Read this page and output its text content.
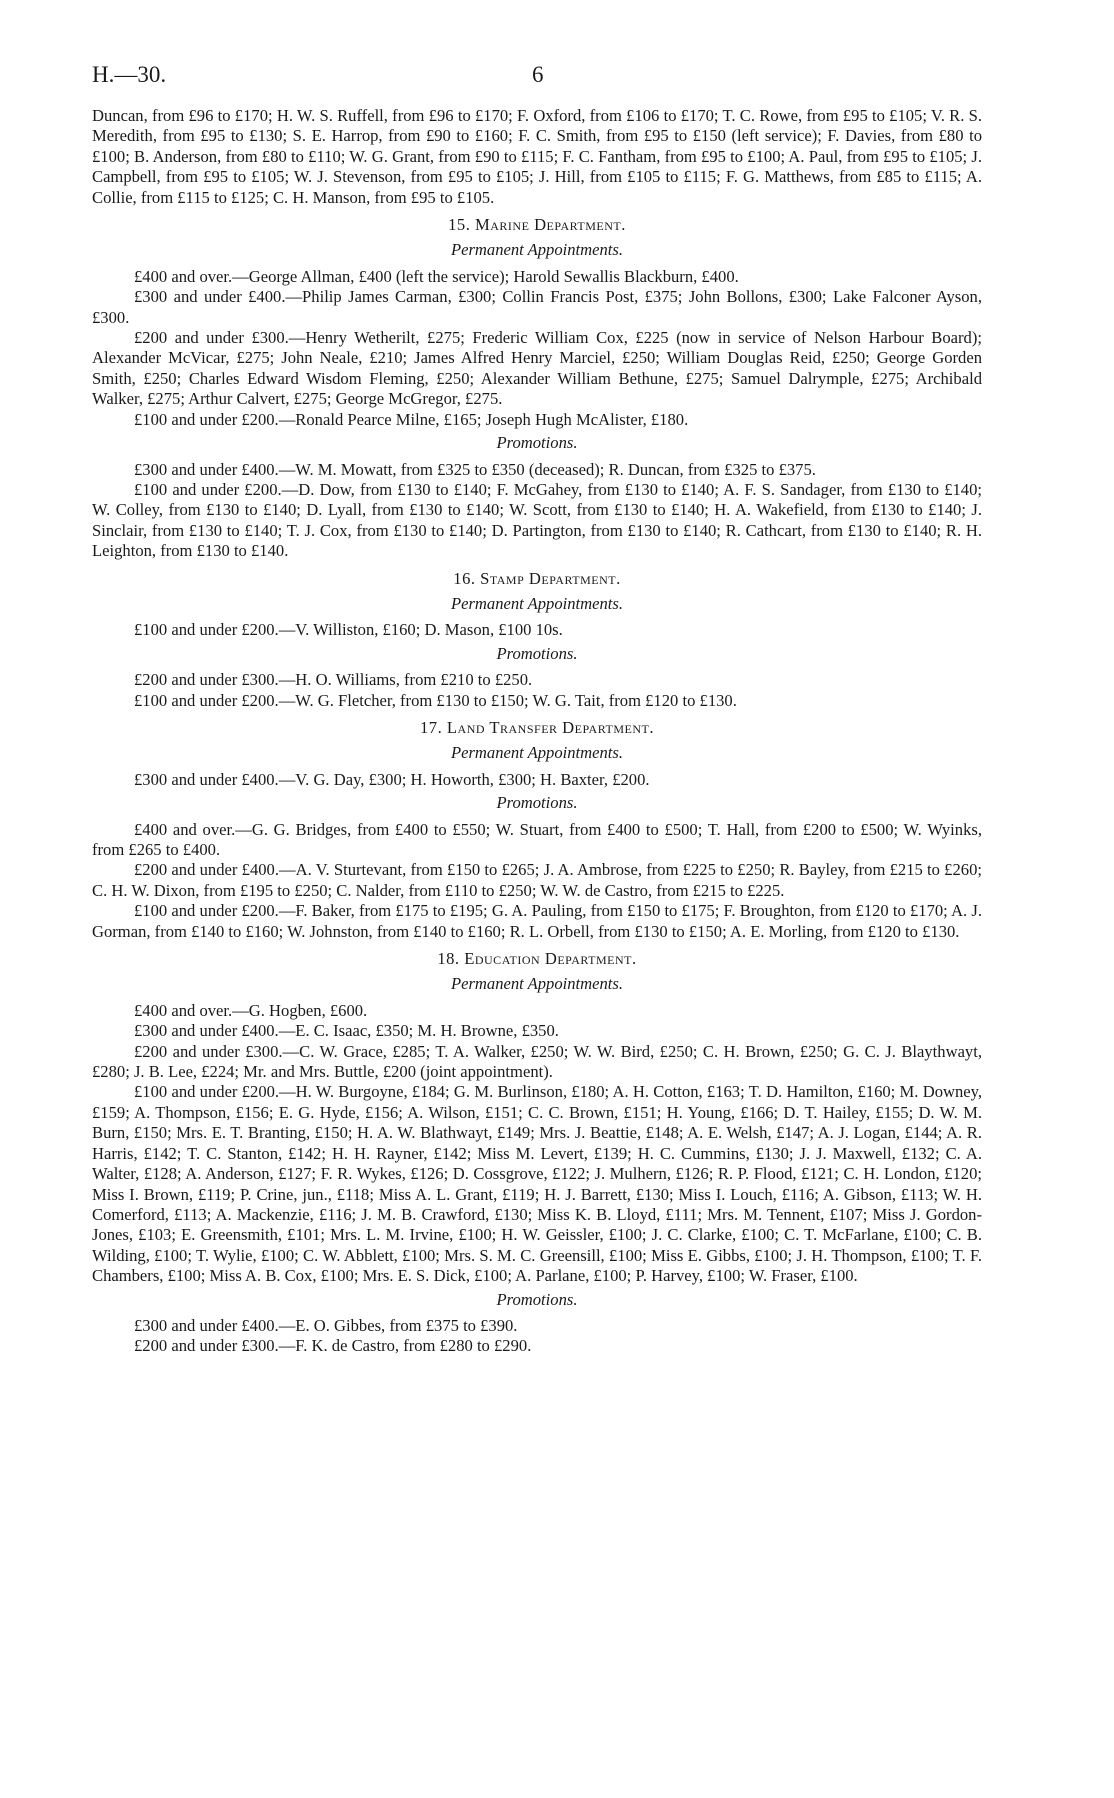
H.—30.	6

Duncan, from £96 to £170; H. W. S. Ruffell, from £96 to £170; F. Oxford, from £106 to £170; T. C. Rowe, from £95 to £105; V. R. S. Meredith, from £95 to £130; S. E. Harrop, from £90 to £160; F. C. Smith, from £95 to £150 (left service); F. Davies, from £80 to £100; B. Anderson, from £80 to £110; W. G. Grant, from £90 to £115; F. C. Fantham, from £95 to £100; A. Paul, from £95 to £105; J. Campbell, from £95 to £105; W. J. Stevenson, from £95 to £105; J. Hill, from £105 to £115; F. G. Matthews, from £85 to £115; A. Collie, from £115 to £125; C. H. Manson, from £95 to £105.

15. Marine Department.
Permanent Appointments.

£400 and over.—George Allman, £400 (left the service); Harold Sewallis Blackburn, £400.

£300 and under £400.—Philip James Carman, £300; Collin Francis Post, £375; John Bollons, £300; Lake Falconer Ayson, £300.

£200 and under £300.—Henry Wetherilt, £275; Frederic William Cox, £225 (now in service of Nelson Harbour Board); Alexander McVicar, £275; John Neale, £210; James Alfred Henry Marciel, £250; William Douglas Reid, £250; George Gorden Smith, £250; Charles Edward Wisdom Fleming, £250; Alexander William Bethune, £275; Samuel Dalrymple, £275; Archibald Walker, £275; Arthur Calvert, £275; George McGregor, £275.

£100 and under £200.—Ronald Pearce Milne, £165; Joseph Hugh McAlister, £180.

Promotions.

£300 and under £400.—W. M. Mowatt, from £325 to £350 (deceased); R. Duncan, from £325 to £375.

£100 and under £200.—D. Dow, from £130 to £140; F. McGahey, from £130 to £140; A. F. S. Sandager, from £130 to £140; W. Colley, from £130 to £140; D. Lyall, from £130 to £140; W. Scott, from £130 to £140; H. A. Wakefield, from £130 to £140; J. Sinclair, from £130 to £140; T. J. Cox, from £130 to £140; D. Partington, from £130 to £140; R. Cathcart, from £130 to £140; R. H. Leighton, from £130 to £140.

16. Stamp Department.
Permanent Appointments.

£100 and under £200.—V. Williston, £160; D. Mason, £100 10s.

Promotions.

£200 and under £300.—H. O. Williams, from £210 to £250.

£100 and under £200.—W. G. Fletcher, from £130 to £150; W. G. Tait, from £120 to £130.

17. Land Transfer Department.
Permanent Appointments.

£300 and under £400.—V. G. Day, £300; H. Howorth, £300; H. Baxter, £200.

Promotions.

£400 and over.—G. G. Bridges, from £400 to £550; W. Stuart, from £400 to £500; T. Hall, from £200 to £500; W. Wyinks, from £265 to £400.

£200 and under £400.—A. V. Sturtevant, from £150 to £265; J. A. Ambrose, from £225 to £250; R. Bayley, from £215 to £260; C. H. W. Dixon, from £195 to £250; C. Nalder, from £110 to £250; W. W. de Castro, from £215 to £225.

£100 and under £200.—F. Baker, from £175 to £195; G. A. Pauling, from £150 to £175; F. Broughton, from £120 to £170; A. J. Gorman, from £140 to £160; W. Johnston, from £140 to £160; R. L. Orbell, from £130 to £150; A. E. Morling, from £120 to £130.

18. Education Department.
Permanent Appointments.

£400 and over.—G. Hogben, £600.

£300 and under £400.—E. C. Isaac, £350; M. H. Browne, £350.

£200 and under £300.—C. W. Grace, £285; T. A. Walker, £250; W. W. Bird, £250; C. H. Brown, £250; G. C. J. Blaythwayt, £280; J. B. Lee, £224; Mr. and Mrs. Buttle, £200 (joint appointment).

£100 and under £200.—H. W. Burgoyne, £184; G. M. Burlinson, £180; A. H. Cotton, £163; T. D. Hamilton, £160; M. Downey, £159; A. Thompson, £156; E. G. Hyde, £156; A. Wilson, £151; C. C. Brown, £151; H. Young, £166; D. T. Hailey, £155; D. W. M. Burn, £150; Mrs. E. T. Branting, £150; H. A. W. Blathwayt, £149; Mrs. J. Beattie, £148; A. E. Welsh, £147; A. J. Logan, £144; A. R. Harris, £142; T. C. Stanton, £142; H. H. Rayner, £142; Miss M. Levert, £139; H. C. Cummins, £130; J. J. Maxwell, £132; C. A. Walter, £128; A. Anderson, £127; F. R. Wykes, £126; D. Cossgrove, £122; J. Mulhern, £126; R. P. Flood, £121; C. H. London, £120; Miss I. Brown, £119; P. Crine, jun., £118; Miss A. L. Grant, £119; H. J. Barrett, £130; Miss I. Louch, £116; A. Gibson, £113; W. H. Comerford, £113; A. Mackenzie, £116; J. M. B. Crawford, £130; Miss K. B. Lloyd, £111; Mrs. M. Tennent, £107; Miss J. Gordon-Jones, £103; E. Greensmith, £101; Mrs. L. M. Irvine, £100; H. W. Geissler, £100; J. C. Clarke, £100; C. T. McFarlane, £100; C. B. Wilding, £100; T. Wylie, £100; C. W. Abblett, £100; Mrs. S. M. C. Greensill, £100; Miss E. Gibbs, £100; J. H. Thompson, £100; T. F. Chambers, £100; Miss A. B. Cox, £100; Mrs. E. S. Dick, £100; A. Parlane, £100; P. Harvey, £100; W. Fraser, £100.

Promotions.

£300 and under £400.—E. O. Gibbes, from £375 to £390.

£200 and under £300.—F. K. de Castro, from £280 to £290.
